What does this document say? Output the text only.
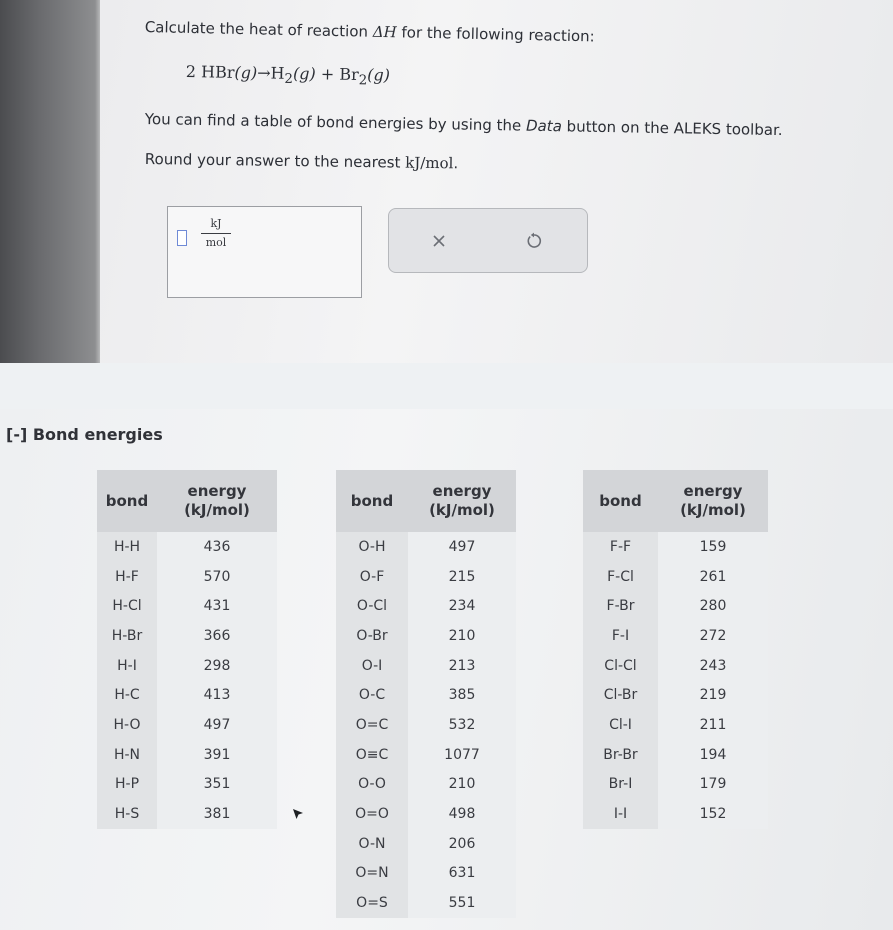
Calculate the heat of reaction ΔH for the following reaction:
2 $HBr(g)\to H_2(g) + Br_2(g)$
You can find a table of bond energies by using the Data button on the ALEKS toolbar.
Round your answer to the nearest kJ/mol.
kJ
mol
[-] Bond energies
bond	energy
(kJ/mol)
H-H	436
H-F	570
H-Cl	431
H-Br	366
H-I	298
H-C	413
H-O	497
H-N	391
H-P	351
H-S	381
bond	energy
(kJ/mol)
O-H	497
O-F	215
O-Cl	234
O-Br	210
O-I	213
O-C	385
O=C	532
O≡C	1077
O-O	210
O=O	498
O-N	206
O=N	631
O=S	551
bond	energy
(kJ/mol)
F-F	159
F-Cl	261
F-Br	280
F-I	272
Cl-Cl	243
Cl-Br	219
Cl-I	211
Br-Br	194
Br-I	179
I-I	152
